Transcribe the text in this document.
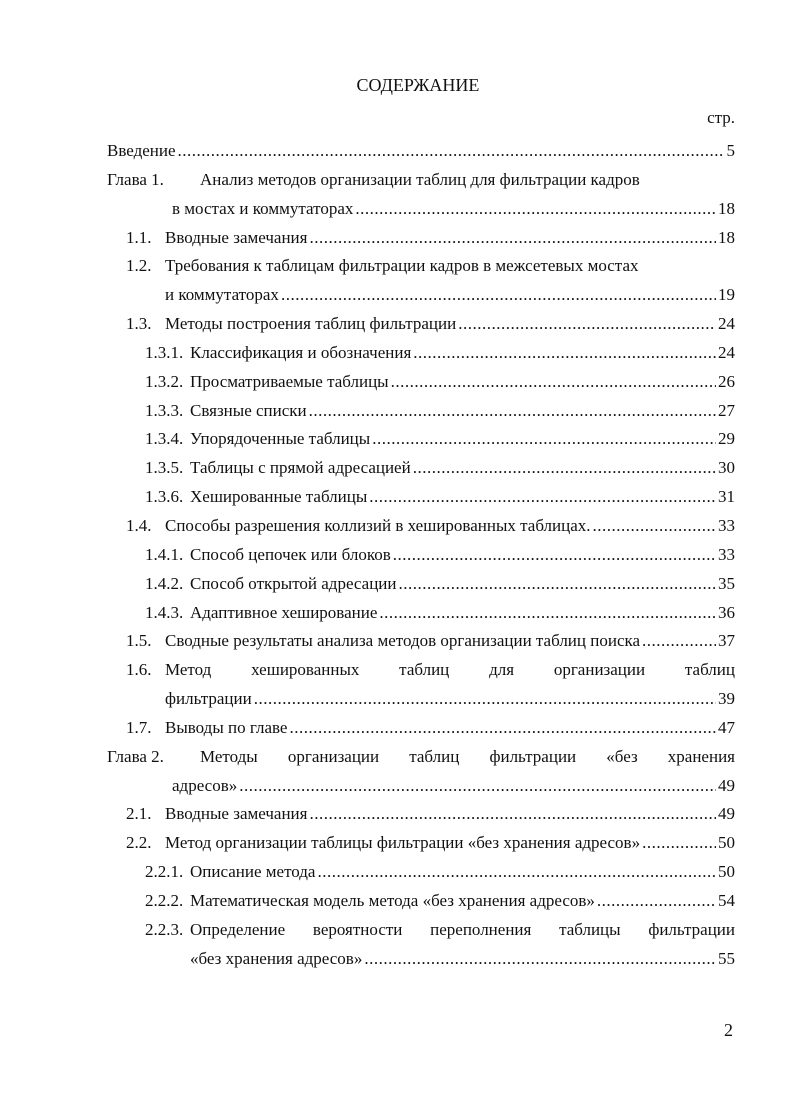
СОДЕРЖАНИЕ
стр.
Введение .....	5
Глава 1.	Анализ методов организации таблиц для фильтрации кадров
в мостах и коммутаторах .....	18
1.1. Вводные замечания .....	18
1.2. Требования к таблицам фильтрации кадров в межсетевых мостах
и коммутаторах .....	19
1.3. Методы построения таблиц фильтрации .....	24
1.3.1. Классификация и обозначения .....	24
1.3.2. Просматриваемые таблицы .....	26
1.3.3. Связные списки .....	27
1.3.4. Упорядоченные таблицы .....	29
1.3.5. Таблицы с прямой адресацией .....	30
1.3.6. Хешированные таблицы .....	31
1.4. Способы разрешения коллизий в хешированных таблицах. .....	33
1.4.1. Способ цепочек или блоков .....	33
1.4.2. Способ открытой адресации .....	35
1.4.3. Адаптивное хеширование .....	36
1.5. Сводные результаты анализа методов организации таблиц поиска .....	37
1.6. Метод хешированных таблиц для организации таблиц
фильтрации .....	39
1.7. Выводы по главе .....	47
Глава 2.	Методы организации таблиц фильтрации «без хранения
адресов» .....	49
2.1. Вводные замечания .....	49
2.2. Метод организации таблицы фильтрации «без хранения адресов» .....	50
2.2.1. Описание метода .....	50
2.2.2. Математическая модель метода «без хранения адресов» .....	54
2.2.3. Определение вероятности переполнения таблицы фильтрации
«без хранения адресов» .....	55
2
